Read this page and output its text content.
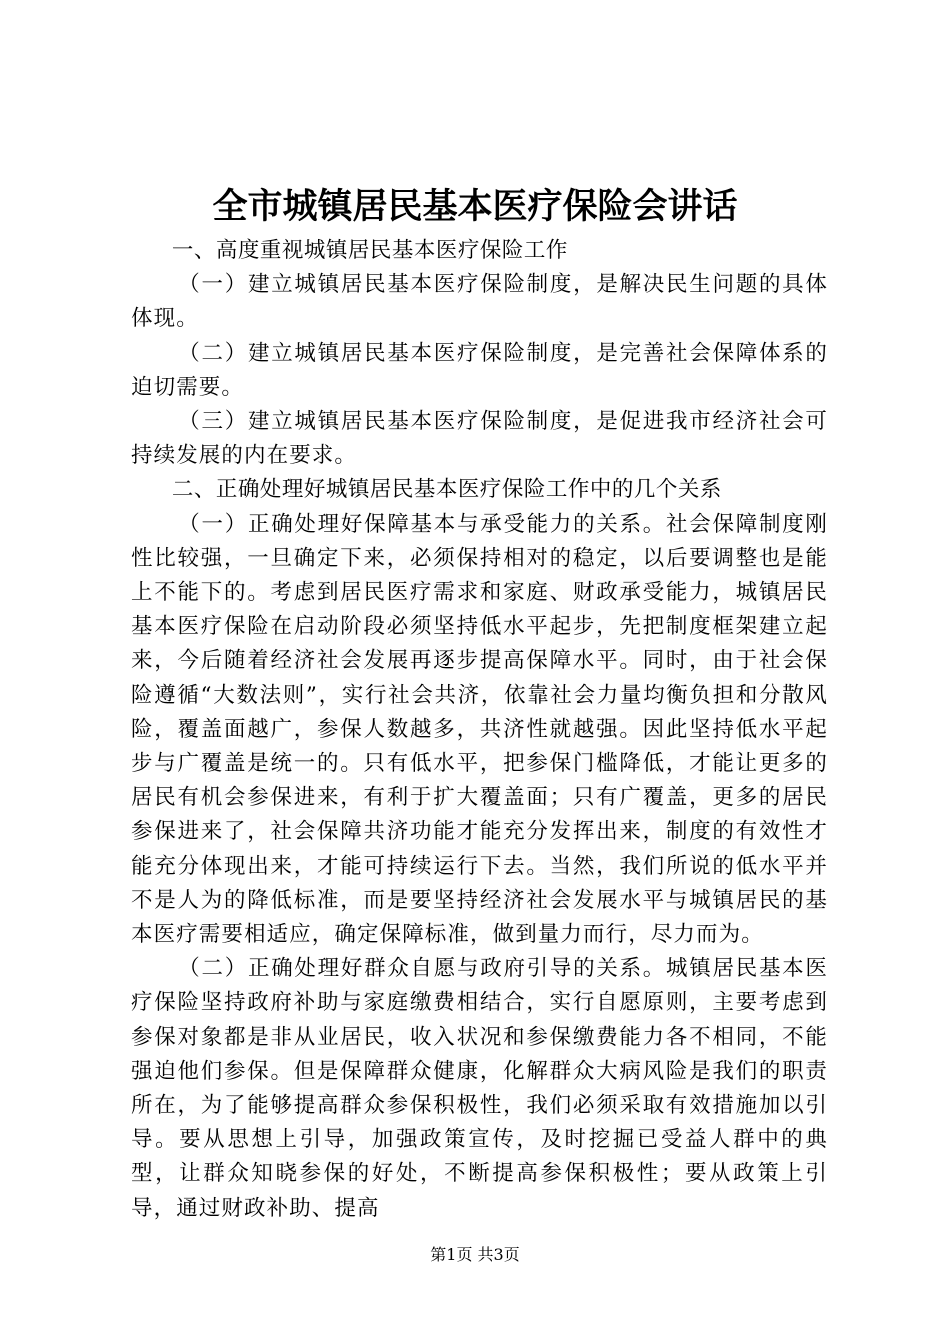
全市城镇居民基本医疗保险会讲话

一、高度重视城镇居民基本医疗保险工作

（一）建立城镇居民基本医疗保险制度，是解决民生问题的具体体现。

（二）建立城镇居民基本医疗保险制度，是完善社会保障体系的迫切需要。

（三）建立城镇居民基本医疗保险制度，是促进我市经济社会可持续发展的内在要求。

二、正确处理好城镇居民基本医疗保险工作中的几个关系

（一）正确处理好保障基本与承受能力的关系。社会保障制度刚性比较强，一旦确定下来，必须保持相对的稳定，以后要调整也是能上不能下的。考虑到居民医疗需求和家庭、财政承受能力，城镇居民基本医疗保险在启动阶段必须坚持低水平起步，先把制度框架建立起来，今后随着经济社会发展再逐步提高保障水平。同时，由于社会保险遵循“大数法则”，实行社会共济，依靠社会力量均衡负担和分散风险，覆盖面越广，参保人数越多，共济性就越强。因此坚持低水平起步与广覆盖是统一的。只有低水平，把参保门槛降低，才能让更多的居民有机会参保进来，有利于扩大覆盖面；只有广覆盖，更多的居民参保进来了，社会保障共济功能才能充分发挥出来，制度的有效性才能充分体现出来，才能可持续运行下去。当然，我们所说的低水平并不是人为的降低标准，而是要坚持经济社会发展水平与城镇居民的基本医疗需要相适应，确定保障标准，做到量力而行，尽力而为。

（二）正确处理好群众自愿与政府引导的关系。城镇居民基本医疗保险坚持政府补助与家庭缴费相结合，实行自愿原则，主要考虑到参保对象都是非从业居民，收入状况和参保缴费能力各不相同，不能强迫他们参保。但是保障群众健康，化解群众大病风险是我们的职责所在，为了能够提高群众参保积极性，我们必须采取有效措施加以引导。要从思想上引导，加强政策宣传，及时挖掘已受益人群中的典型，让群众知晓参保的好处，不断提高参保积极性；要从政策上引导，通过财政补助、提高

第1页 共3页
